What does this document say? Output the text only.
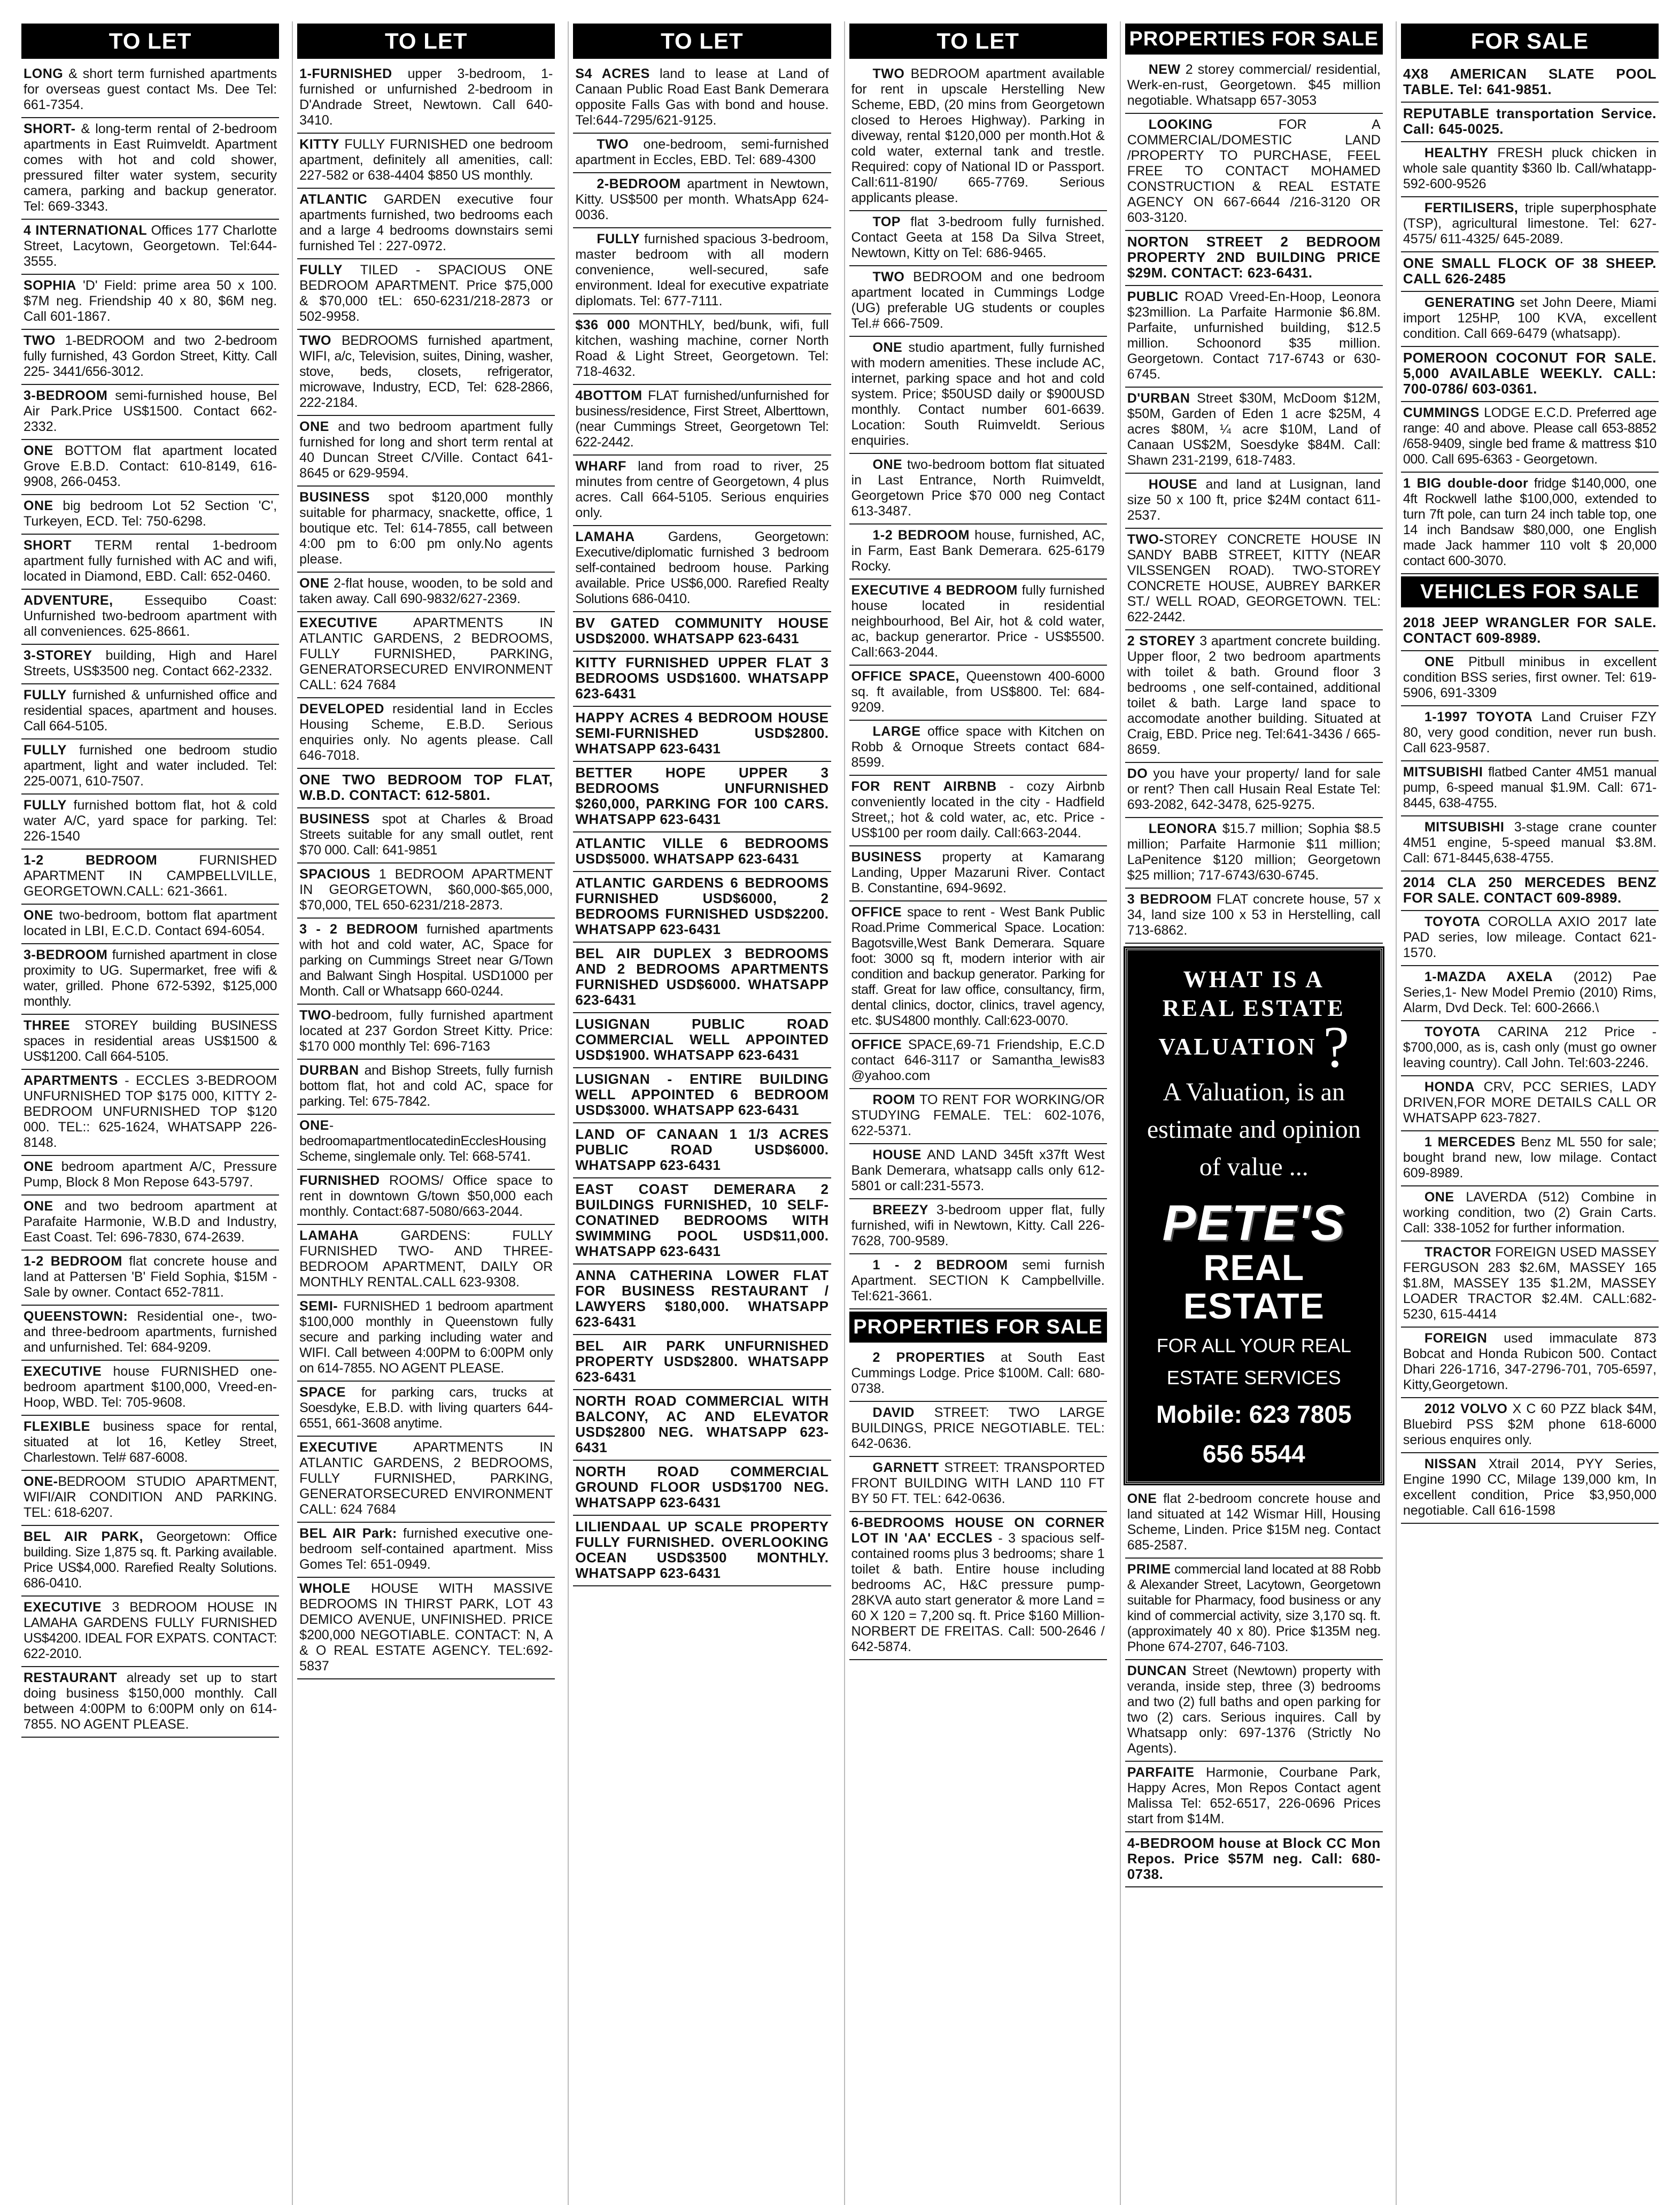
TO LET
LONG & short term furnished apartments for overseas guest contact Ms. Dee Tel: 661-7354.
SHORT- & long-term rental of 2-bedroom apartments in East Ruimveldt. Apartment comes with hot and cold shower, pressured filter water system, security camera, parking and backup generator. Tel: 669-3343.
4 INTERNATIONAL Offices 177 Charlotte Street, Lacytown, Georgetown. Tel:644-3555.
SOPHIA 'D' Field: prime area 50 x 100. $7M neg. Friendship 40 x 80, $6M neg. Call 601-1867.
TWO 1-BEDROOM and two 2-bedroom fully furnished, 43 Gordon Street, Kitty. Call 225- 3441/656-3012.
3-BEDROOM semi-furnished house, Bel Air Park.Price US$1500. Contact 662-2332.
ONE BOTTOM flat apartment located Grove E.B.D. Contact: 610-8149, 616-9908, 266-0453.
ONE big bedroom Lot 52 Section 'C', Turkeyen, ECD. Tel: 750-6298.
SHORT TERM rental 1-bedroom apartment fully furnished with AC and wifi, located in Diamond, EBD. Call: 652-0460.
ADVENTURE, Essequibo Coast: Unfurnished two-bedroom apartment with all conveniences. 625-8661.
3-STOREY building, High and Harel Streets, US$3500 neg. Contact 662-2332.
FULLY furnished & unfurnished office and residential spaces, apartment and houses. Call 664-5105.
FULLY furnished one bedroom studio apartment, light and water included. Tel: 225-0071, 610-7507.
FULLY furnished bottom flat, hot & cold water A/C, yard space for parking. Tel: 226-1540
1-2 BEDROOM FURNISHED APARTMENT IN CAMPBELLVILLE, GEORGETOWN.CALL: 621-3661.
ONE two-bedroom, bottom flat apartment located in LBI, E.C.D. Contact 694-6054.
3-BEDROOM furnished apartment in close proximity to UG. Supermarket, free wifi & water, grilled. Phone 672-5392, $125,000 monthly.
THREE STOREY building BUSINESS spaces in residential areas US$1500 & US$1200. Call 664-5105.
APARTMENTS - ECCLES 3-BEDROOM UNFURNISHED TOP $175 000, KITTY 2-BEDROOM UNFURNISHED TOP $120 000. TEL:: 625-1624, WHATSAPP 226-8148.
ONE bedroom apartment A/C, Pressure Pump, Block 8 Mon Repose 643-5797.
ONE and two bedroom apartment at Parafaite Harmonie, W.B.D and Industry, East Coast. Tel: 696-7830, 674-2639.
1-2 BEDROOM flat concrete house and land at Pattersen 'B' Field Sophia, $15M - Sale by owner. Contact 652-7811.
QUEENSTOWN: Residential one-, two- and three-bedroom apartments, furnished and unfurnished. Tel: 684-9209.
EXECUTIVE house FURNISHED one-bedroom apartment $100,000, Vreed-en-Hoop, WBD. Tel: 705-9608.
FLEXIBLE business space for rental, situated at lot 16, Ketley Street, Charlestown. Tel# 687-6008.
ONE-BEDROOM STUDIO APARTMENT, WIFI/AIR CONDITION AND PARKING. TEL: 618-6207.
BEL AIR PARK, Georgetown: Office building. Size 1,875 sq. ft. Parking available. Price US$4,000. Rarefied Realty Solutions. 686-0410.
EXECUTIVE 3 BEDROOM HOUSE IN LAMAHA GARDENS FULLY FURNISHED US$4200. IDEAL FOR EXPATS. CONTACT: 622-2010.
RESTAURANT already set up to start doing business $150,000 monthly. Call between 4:00PM to 6:00PM only on 614-7855. NO AGENT PLEASE.
TO LET
1-FURNISHED upper 3-bedroom, 1-furnished or unfurnished 2-bedroom in D'Andrade Street, Newtown. Call 640-3410.
KITTY FULLY FURNISHED one bedroom apartment, definitely all amenities, call: 227-582 or 638-4404 $850 US monthly.
ATLANTIC GARDEN executive four apartments furnished, two bedrooms each and a large 4 bedrooms downstairs semi furnished Tel : 227-0972.
FULLY TILED - SPACIOUS ONE BEDROOM APARTMENT. Price $75,000 & $70,000 tEL: 650-6231/218-2873 or 502-9958.
TWO BEDROOMS furnished apartment, WIFI, a/c, Television, suites, Dining, washer, stove, beds, closets, refrigerator, microwave, Industry, ECD, Tel: 628-2866, 222-2184.
ONE and two bedroom apartment fully furnished for long and short term rental at 40 Duncan Street C/Ville. Contact 641-8645 or 629-9594.
BUSINESS spot $120,000 monthly suitable for pharmacy, snackette, office, 1 boutique etc. Tel: 614-7855, call between 4:00 pm to 6:00 pm only.No agents please.
ONE 2-flat house, wooden, to be sold and taken away. Call 690-9832/627-2369.
EXECUTIVE APARTMENTS IN ATLANTIC GARDENS, 2 BEDROOMS, FULLY FURNISHED, PARKING, GENERATORSECURED ENVIRONMENT CALL: 624 7684
DEVELOPED residential land in Eccles Housing Scheme, E.B.D. Serious enquiries only. No agents please. Call 646-7018.
ONE TWO BEDROOM TOP FLAT, W.B.D. CONTACT: 612-5801.
BUSINESS spot at Charles & Broad Streets suitable for any small outlet, rent $70 000. Call: 641-9851
SPACIOUS 1 BEDROOM APARTMENT IN GEORGETOWN, $60,000-$65,000, $70,000, TEL 650-6231/218-2873.
3 - 2 BEDROOM furnished apartments with hot and cold water, AC, Space for parking on Cummings Street near G/Town and Balwant Singh Hospital. USD1000 per Month. Call or Whatsapp 660-0244.
TWO-bedroom, fully furnished apartment located at 237 Gordon Street Kitty. Price: $170 000 monthly Tel: 696-7163
DURBAN and Bishop Streets, fully furnish bottom flat, hot and cold AC, space for parking. Tel: 675-7842.
ONE-bedroomapartmentlocatedinEcclesHousingScheme, singlemale only. Tel: 668-5741.
FURNISHED ROOMS/ Office space to rent in downtown G/town $50,000 each monthly. Contact:687-5080/663-2044.
LAMAHA GARDENS: FULLY FURNISHED TWO- AND THREE-BEDROOM APARTMENT, DAILY OR MONTHLY RENTAL.CALL 623-9308.
SEMI- FURNISHED 1 bedroom apartment $100,000 monthly in Queenstown fully secure and parking including water and WIFI. Call between 4:00PM to 6:00PM only on 614-7855. NO AGENT PLEASE.
SPACE for parking cars, trucks at Soesdyke, E.B.D. with living quarters 644-6551, 661-3608 anytime.
EXECUTIVE APARTMENTS IN ATLANTIC GARDENS, 2 BEDROOMS, FULLY FURNISHED, PARKING, GENERATORSECURED ENVIRONMENT CALL: 624 7684
BEL AIR Park: furnished executive one-bedroom self-contained apartment. Miss Gomes Tel: 651-0949.
WHOLE HOUSE WITH MASSIVE BEDROOMS IN THIRST PARK, LOT 43 DEMICO AVENUE, UNFINISHED. PRICE $200,000 NEGOTIABLE. CONTACT: N, A & O REAL ESTATE AGENCY. TEL:692-5837
TO LET
S4 ACRES land to lease at Land of Canaan Public Road East Bank Demerara opposite Falls Gas with bond and house. Tel:644-7295/621-9125.
TWO one-bedroom, semi-furnished apartment in Eccles, EBD. Tel: 689-4300
2-BEDROOM apartment in Newtown, Kitty. US$500 per month. WhatsApp 624-0036.
FULLY furnished spacious 3-bedroom, master bedroom with all modern convenience, well-secured, safe environment. Ideal for executive expatriate diplomats. Tel: 677-7111.
$36 000 MONTHLY, bed/bunk, wifi, full kitchen, washing machine, corner North Road & Light Street, Georgetown. Tel: 718-4632.
4BOTTOM FLAT furnished/unfurnished for business/residence, First Street, Alberttown, (near Cummings Street, Georgetown Tel: 622-2442.
WHARF land from road to river, 25 minutes from centre of Georgetown, 4 plus acres. Call 664-5105. Serious enquiries only.
LAMAHA Gardens, Georgetown: Executive/diplomatic furnished 3 bedroom self-contained bedroom house. Parking available. Price US$6,000. Rarefied Realty Solutions 686-0410.
BV GATED COMMUNITY HOUSE USD$2000. WHATSAPP 623-6431
KITTY FURNISHED UPPER FLAT 3 BEDROOMS USD$1600. WHATSAPP 623-6431
HAPPY ACRES 4 BEDROOM HOUSE SEMI-FURNISHED USD$2800. WHATSAPP 623-6431
BETTER HOPE UPPER 3 BEDROOMS UNFURNISHED $260,000, PARKING FOR 100 CARS. WHATSAPP 623-6431
ATLANTIC VILLE 6 BEDROOMS USD$5000. WHATSAPP 623-6431
ATLANTIC GARDENS 6 BEDROOMS FURNISHED USD$6000, 2 BEDROOMS FURNISHED USD$2200. WHATSAPP 623-6431
BEL AIR DUPLEX 3 BEDROOMS AND 2 BEDROOMS APARTMENTS FURNISHED USD$6000. WHATSAPP 623-6431
LUSIGNAN PUBLIC ROAD COMMERCIAL WELL APPOINTED USD$1900. WHATSAPP 623-6431
LUSIGNAN - ENTIRE BUILDING WELL APPOINTED 6 BEDROOM USD$3000. WHATSAPP 623-6431
LAND OF CANAAN 1 1/3 ACRES PUBLIC ROAD USD$6000. WHATSAPP 623-6431
EAST COAST DEMERARA 2 BUILDINGS FURNISHED, 10 SELF-CONATINED BEDROOMS WITH SWIMMING POOL USD$11,000. WHATSAPP 623-6431
ANNA CATHERINA LOWER FLAT FOR BUSINESS RESTAURANT / LAWYERS $180,000. WHATSAPP 623-6431
BEL AIR PARK UNFURNISHED PROPERTY USD$2800. WHATSAPP 623-6431
NORTH ROAD COMMERCIAL WITH BALCONY, AC AND ELEVATOR USD$2800 NEG. WHATSAPP 623-6431
NORTH ROAD COMMERCIAL GROUND FLOOR USD$1700 NEG. WHATSAPP 623-6431
LILIENDAAL UP SCALE PROPERTY FULLY FURNISHED. OVERLOOKING OCEAN USD$3500 MONTHLY. WHATSAPP 623-6431
TO LET
TWO BEDROOM apartment available for rent in upscale Herstelling New Scheme, EBD, (20 mins from Georgetown closed to Heroes Highway). Parking in diveway, rental $120,000 per month.Hot & cold water, external tank and trestle. Required: copy of National ID or Passport. Call:611-8190/ 665-7769. Serious applicants please.
TOP flat 3-bedroom fully furnished. Contact Geeta at 158 Da Silva Street, Newtown, Kitty on Tel: 686-9465.
TWO BEDROOM and one bedroom apartment located in Cummings Lodge (UG) preferable UG students or couples Tel.# 666-7509.
ONE studio apartment, fully furnished with modern amenities. These include AC, internet, parking space and hot and cold system. Price; $50USD daily or $900USD monthly. Contact number 601-6639. Location: South Ruimveldt. Serious enquiries.
ONE two-bedroom bottom flat situated in Last Entrance, North Ruimveldt, Georgetown Price $70 000 neg Contact 613-3487.
1-2 BEDROOM house, furnished, AC, in Farm, East Bank Demerara. 625-6179 Rocky.
EXECUTIVE 4 BEDROOM fully furnished house located in residential neighbourhood, Bel Air, hot & cold water, ac, backup generartor. Price - US$5500. Call:663-2044.
OFFICE SPACE, Queenstown 400-6000 sq. ft available, from US$800. Tel: 684-9209.
LARGE office space with Kitchen on Robb & Ornoque Streets contact 684-8599.
FOR RENT AIRBNB - cozy Airbnb conveniently located in the city - Hadfield Street,; hot & cold water, ac, etc. Price - US$100 per room daily. Call:663-2044.
BUSINESS property at Kamarang Landing, Upper Mazaruni River. Contact B. Constantine, 694-9692.
OFFICE space to rent - West Bank Public Road.Prime Commerical Space. Location: Bagotsville,West Bank Demerara. Square foot: 3000 sq ft, modern interior with air condition and backup generator. Parking for staff. Great for law office, consultancy, firm, dental clinics, doctor, clinics, travel agency, etc. $US4800 monthly. Call:623-0070.
OFFICE SPACE,69-71 Friendship, E.C.D contact 646-3117 or Samantha_lewis83 @yahoo.com
ROOM TO RENT FOR WORKING/OR STUDYING FEMALE. TEL: 602-1076, 622-5371.
HOUSE AND LAND 345ft x37ft West Bank Demerara, whatsapp calls only 612-5801 or call:231-5573.
BREEZY 3-bedroom upper flat, fully furnished, wifi in Newtown, Kitty. Call 226-7628, 700-9589.
1 - 2 BEDROOM semi furnish Apartment. SECTION K Campbellville. Tel:621-3661.
PROPERTIES FOR SALE
2 PROPERTIES at South East Cummings Lodge. Price $100M. Call: 680-0738.
DAVID STREET: TWO LARGE BUILDINGS, PRICE NEGOTIABLE. TEL: 642-0636.
GARNETT STREET: TRANSPORTED FRONT BUILDING WITH LAND 110 FT BY 50 FT. TEL: 642-0636.
6-BEDROOMS HOUSE ON CORNER LOT IN 'AA' ECCLES - 3 spacious self-contained rooms plus 3 bedrooms; share 1 toilet & bath. Entire house including bedrooms AC, H&C pressure pump-28KVA auto start generator & more Land = 60 X 120 = 7,200 sq. ft. Price $160 Million- NORBERT DE FREITAS. Call: 500-2646 / 642-5874.
PROPERTIES FOR SALE
NEW 2 storey commercial/ residential, Werk-en-rust, Georgetown. $45 million negotiable. Whatsapp 657-3053
LOOKING FOR A COMMERCIAL/DOMESTIC LAND /PROPERTY TO PURCHASE, FEEL FREE TO CONTACT MOHAMED CONSTRUCTION & REAL ESTATE AGENCY ON 667-6644 /216-3120 OR 603-3120.
NORTON STREET 2 BEDROOM PROPERTY 2ND BUILDING PRICE $29M. CONTACT: 623-6431.
PUBLIC ROAD Vreed-En-Hoop, Leonora $23million. La Parfaite Harmonie $6.8M. Parfaite, unfurnished building, $12.5 million. Schoonord $35 million. Georgetown. Contact 717-6743 or 630-6745.
D'URBAN Street $30M, McDoom $12M, $50M, Garden of Eden 1 acre $25M, 4 acres $80M, ¼ acre $10M, Land of Canaan US$2M, Soesdyke $84M. Call: Shawn 231-2199, 618-7483.
HOUSE and land at Lusignan, land size 50 x 100 ft, price $24M contact 611-2537.
TWO-STOREY CONCRETE HOUSE IN SANDY BABB STREET, KITTY (NEAR VILSSENGEN ROAD). TWO-STOREY CONCRETE HOUSE, AUBREY BARKER ST./ WELL ROAD, GEORGETOWN. TEL: 622-2442.
2 STOREY 3 apartment concrete building. Upper floor, 2 two bedroom apartments with toilet & bath. Ground floor 3 bedrooms , one self-contained, additional toilet & bath. Large land space to accomodate another building. Situated at Craig, EBD. Price neg. Tel:641-3436 / 665-8659.
DO you have your property/ land for sale or rent? Then call Husain Real Estate Tel: 693-2082, 642-3478, 625-9275.
LEONORA $15.7 million; Sophia $8.5 million; Parfaite Harmonie $11 million; LaPenitence $120 million; Georgetown $25 million; 717-6743/630-6745.
3 BEDROOM FLAT concrete house, 57 x 34, land size 100 x 53 in Herstelling, call 713-6862.
WHAT IS A
REAL ESTATE
VALUATION ?
A Valuation, is an
estimate and opinion
of value ...
PETE'S
REAL ESTATE
FOR ALL YOUR REAL
ESTATE SERVICES
Mobile: 623 7805
656 5544
ONE flat 2-bedroom concrete house and land situated at 142 Wismar Hill, Housing Scheme, Linden. Price $15M neg. Contact 685-2587.
PRIME commercial land located at 88 Robb & Alexander Street, Lacytown, Georgetown suitable for Pharmacy, food business or any kind of commercial activity, size 3,170 sq. ft. (approximately 40 x 80). Price $135M neg. Phone 674-2707, 646-7103.
DUNCAN Street (Newtown) property with veranda, inside step, three (3) bedrooms and two (2) full baths and open parking for two (2) cars. Serious inquires. Call by Whatsapp only: 697-1376 (Strictly No Agents).
PARFAITE Harmonie, Courbane Park, Happy Acres, Mon Repos Contact agent Malissa Tel: 652-6517, 226-0696 Prices start from $14M.
4-BEDROOM house at Block CC Mon Repos. Price $57M neg. Call: 680-0738.
FOR SALE
4X8 AMERICAN SLATE POOL TABLE. Tel: 641-9851.
REPUTABLE transportation Service. Call: 645-0025.
HEALTHY FRESH pluck chicken in whole sale quantity $360 lb. Call/whatapp- 592-600-9526
FERTILISERS, triple superphosphate (TSP), agricultural limestone. Tel: 627-4575/ 611-4325/ 645-2089.
ONE SMALL FLOCK OF 38 SHEEP. CALL 626-2485
GENERATING set John Deere, Miami import 125HP, 100 KVA, excellent condition. Call 669-6479 (whatsapp).
POMEROON COCONUT FOR SALE. 5,000 AVAILABLE WEEKLY. CALL: 700-0786/ 603-0361.
CUMMINGS LODGE E.C.D. Preferred age range: 40 and above. Please call 653-8852 /658-9409, single bed frame & mattress $10 000. Call 695-6363 - Georgetown.
1 BIG double-door fridge $140,000, one 4ft Rockwell lathe $100,000, extended to turn 7ft pole, can turn 24 inch table top, one 14 inch Bandsaw $80,000, one English made Jack hammer 110 volt $ 20,000 contact 600-3070.
VEHICLES FOR SALE
2018 JEEP WRANGLER FOR SALE. CONTACT 609-8989.
ONE Pitbull minibus in excellent condition BSS series, first owner. Tel: 619-5906, 691-3309
1-1997 TOYOTA Land Cruiser FZY 80, very good condition, never run bush. Call 623-9587.
MITSUBISHI flatbed Canter 4M51 manual pump, 6-speed manual $1.9M. Call: 671-8445, 638-4755.
MITSUBISHI 3-stage crane counter 4M51 engine, 5-speed manual $3.8M. Call: 671-8445,638-4755.
2014 CLA 250 MERCEDES BENZ FOR SALE. CONTACT 609-8989.
TOYOTA COROLLA AXIO 2017 late PAD series, low mileage. Contact 621-1570.
1-MAZDA AXELA (2012) Pae Series,1- New Model Premio (2010) Rims, Alarm, Dvd Deck. Tel: 600-2666.\
TOYOTA CARINA 212 Price - $700,000, as is, cash only (must go owner leaving country). Call John. Tel:603-2246.
HONDA CRV, PCC SERIES, LADY DRIVEN,FOR MORE DETAILS CALL OR WHATSAPP 623-7827.
1 MERCEDES Benz ML 550 for sale; bought brand new, low milage. Contact 609-8989.
ONE LAVERDA (512) Combine in working condition, two (2) Grain Carts. Call: 338-1052 for further information.
TRACTOR FOREIGN USED MASSEY FERGUSON 283 $2.6M, MASSEY 165 $1.8M, MASSEY 135 $1.2M, MASSEY LOADER TRACTOR $2.4M. CALL:682-5230, 615-4414
FOREIGN used immaculate 873 Bobcat and Honda Rubicon 500. Contact Dhari 226-1716, 347-2796-701, 705-6597, Kitty,Georgetown.
2012 VOLVO X C 60 PZZ black $4M, Bluebird PSS $2M phone 618-6000 serious enquires only.
NISSAN Xtrail 2014, PYY Series, Engine 1990 CC, Milage 139,000 km, In excellent condition, Price $3,950,000 negotiable. Call 616-1598
